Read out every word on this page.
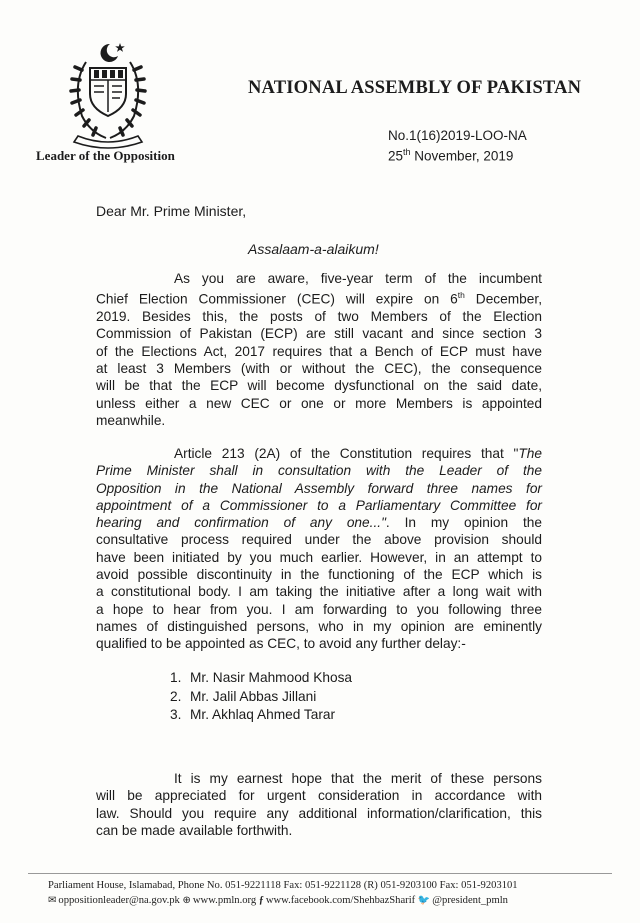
Leader of the Opposition
NATIONAL ASSEMBLY OF PAKISTAN
No.1(16)2019-LOO-NA
25th November, 2019
Dear Mr. Prime Minister,
Assalaam-a-alaikum!
As you are aware, five-year term of the incumbent
Chief Election Commissioner (CEC) will expire on 6th December,
2019. Besides this, the posts of two Members of the Election
Commission of Pakistan (ECP) are still vacant and since section 3
of the Elections Act, 2017 requires that a Bench of ECP must have
at least 3 Members (with or without the CEC), the consequence
will be that the ECP will become dysfunctional on the said date,
unless either a new CEC or one or more Members is appointed
meanwhile.
Article 213 (2A) of the Constitution requires that "The
Prime Minister shall in consultation with the Leader of the
Opposition in the National Assembly forward three names for
appointment of a Commissioner to a Parliamentary Committee for
hearing and confirmation of any one...". In my opinion the
consultative process required under the above provision should
have been initiated by you much earlier. However, in an attempt to
avoid possible discontinuity in the functioning of the ECP which is
a constitutional body. I am taking the initiative after a long wait with
a hope to hear from you. I am forwarding to you following three
names of distinguished persons, who in my opinion are eminently
qualified to be appointed as CEC, to avoid any further delay:-
1. Mr. Nasir Mahmood Khosa
2. Mr. Jalil Abbas Jillani
3. Mr. Akhlaq Ahmed Tarar
It is my earnest hope that the merit of these persons
will be appreciated for urgent consideration in accordance with
law. Should you require any additional information/clarification, this
can be made available forthwith.
Parliament House, Islamabad, Phone No. 051-9221118 Fax: 051-9221128 (R) 051-9203100 Fax: 051-9203101
✉ oppositionleader@na.gov.pk ⊕ www.pmln.org ƒ www.facebook.com/ShehbazSharif 🐦 @president_pmln
